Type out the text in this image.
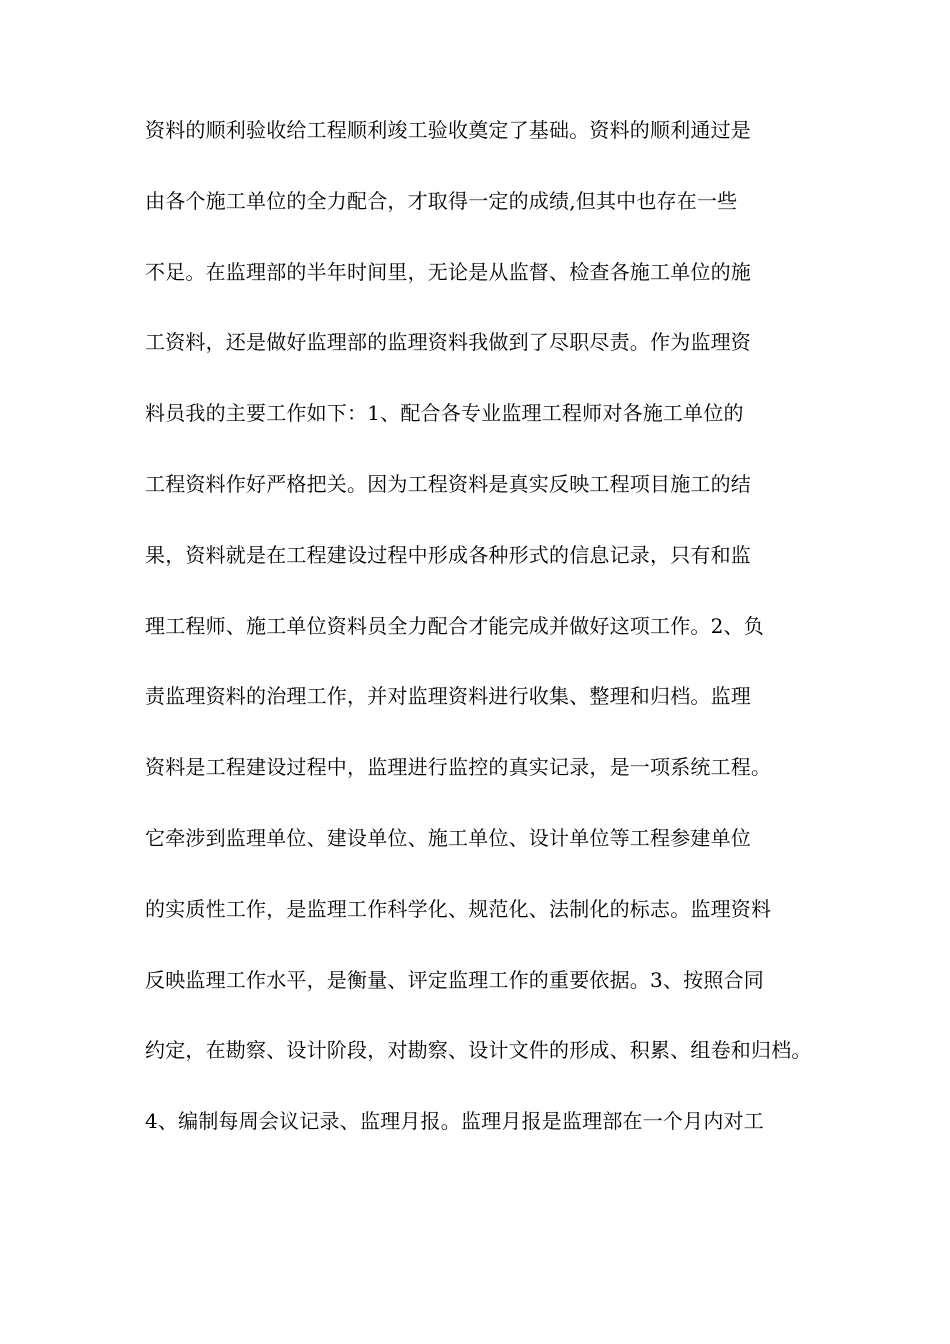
资料的顺利验收给工程顺利竣工验收奠定了基础。资料的顺利通过是
由各个施工单位的全力配合，才取得一定的成绩,但其中也存在一些
不足。在监理部的半年时间里，无论是从监督、检查各施工单位的施
工资料，还是做好监理部的监理资料我做到了尽职尽责。作为监理资
料员我的主要工作如下：1、配合各专业监理工程师对各施工单位的
工程资料作好严格把关。因为工程资料是真实反映工程项目施工的结
果，资料就是在工程建设过程中形成各种形式的信息记录，只有和监
理工程师、施工单位资料员全力配合才能完成并做好这项工作。2、负
责监理资料的治理工作，并对监理资料进行收集、整理和归档。监理
资料是工程建设过程中，监理进行监控的真实记录，是一项系统工程。
它牵涉到监理单位、建设单位、施工单位、设计单位等工程参建单位
的实质性工作，是监理工作科学化、规范化、法制化的标志。监理资料
反映监理工作水平，是衡量、评定监理工作的重要依据。3、按照合同
约定，在勘察、设计阶段，对勘察、设计文件的形成、积累、组卷和归档。
4、编制每周会议记录、监理月报。监理月报是监理部在一个月内对工
